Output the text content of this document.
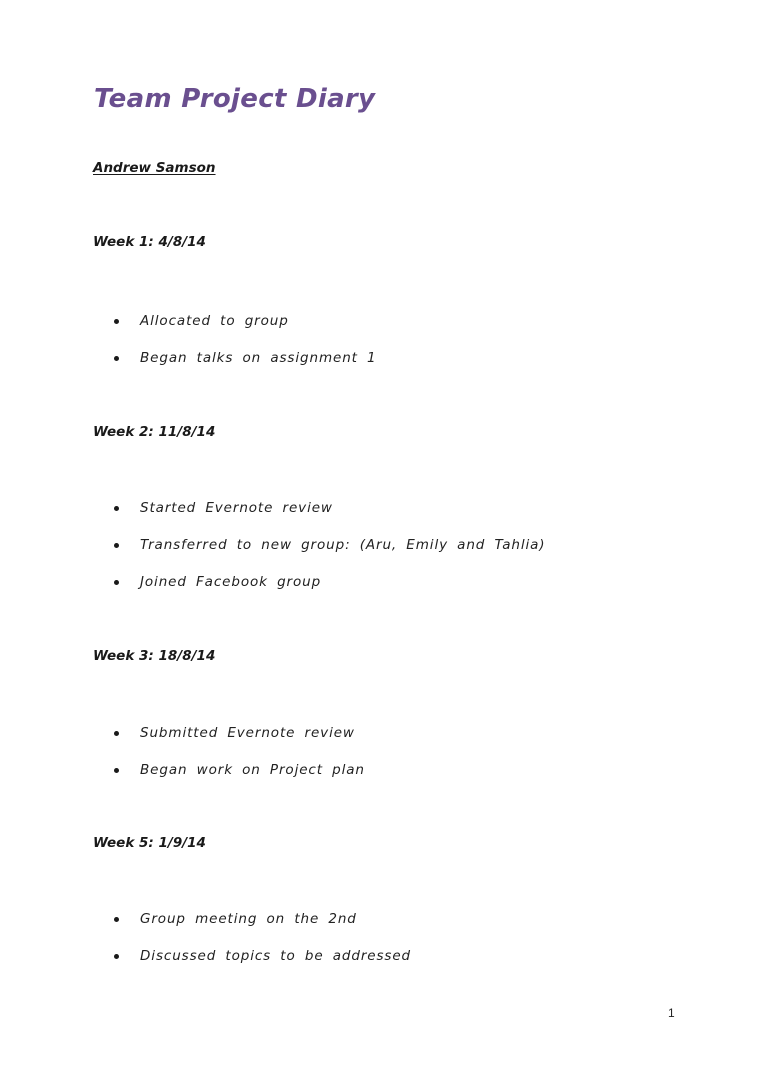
Team Project Diary

Andrew Samson

Week 1: 4/8/14

Allocated to group
Began talks on assignment 1

Week 2: 11/8/14

Started Evernote review
Transferred to new group: (Aru, Emily and Tahlia)
Joined Facebook group

Week 3: 18/8/14

Submitted Evernote review
Began work on Project plan

Week 5: 1/9/14

Group meeting on the 2nd
Discussed topics to be addressed
1
